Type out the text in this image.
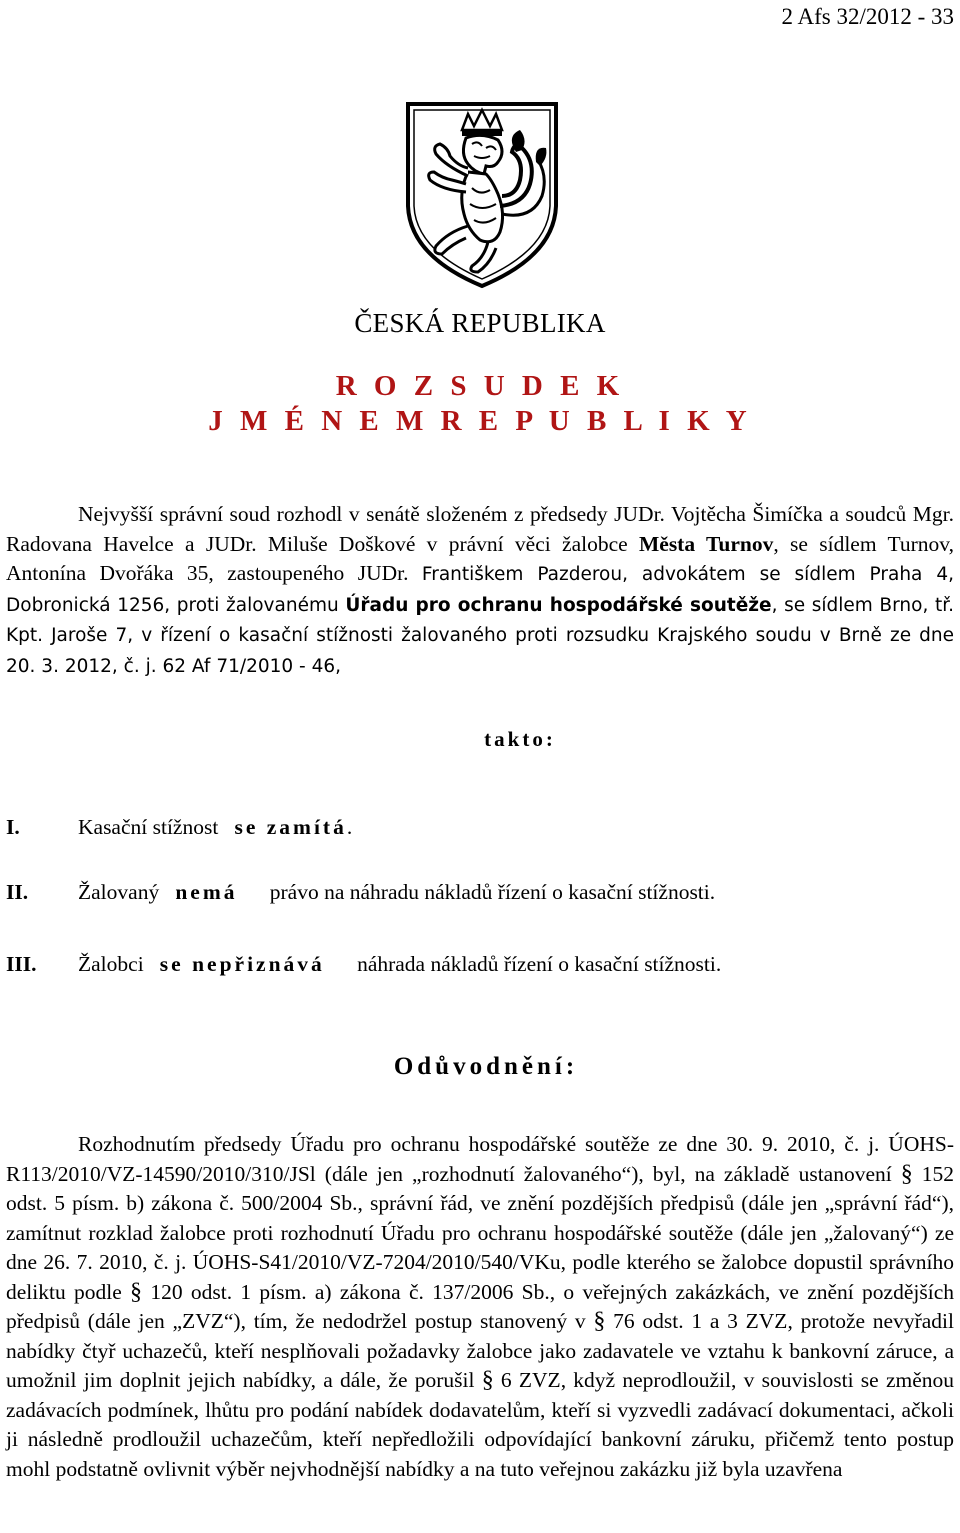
2 Afs 32/2012 - 33
ČESKÁ REPUBLIKA
R O Z S U D E K
J M É N E M R E P U B L I K Y

Nejvyšší správní soud rozhodl v senátě složeném z předsedy JUDr. Vojtěcha Šimíčka a soudců Mgr. Radovana Havelce a JUDr. Miluše Doškové v právní věci žalobce Města Turnov, se sídlem Turnov, Antonína Dvořáka 35, zastoupeného JUDr. Františkem Pazderou, advokátem se sídlem Praha 4, Dobronická 1256, proti žalovanému Úřadu pro ochranu hospodářské soutěže, se sídlem Brno, tř. Kpt. Jaroše 7, v řízení o kasační stížnosti žalovaného proti rozsudku Krajského soudu v Brně ze dne 20. 3. 2012, č. j. 62 Af 71/2010 - 46,

takto:
I.	Kasační stížnost se zamítá.
II. Žalovaný nemá právo na náhradu nákladů řízení o kasační stížnosti.
III. Žalobci se nepřiznává náhrada nákladů řízení o kasační stížnosti.
Odůvodnění:

Rozhodnutím předsedy Úřadu pro ochranu hospodářské soutěže ze dne 30. 9. 2010, č. j. ÚOHS-R113/2010/VZ-14590/2010/310/JSl (dále jen „rozhodnutí žalovaného“), byl, na základě ustanovení § 152 odst. 5 písm. b) zákona č. 500/2004 Sb., správní řád, ve znění pozdějších předpisů (dále jen „správní řád“), zamítnut rozklad žalobce proti rozhodnutí Úřadu pro ochranu hospodářské soutěže (dále jen „žalovaný“) ze dne 26. 7. 2010, č. j. ÚOHS-S41/2010/VZ-7204/2010/540/VKu, podle kterého se žalobce dopustil správního deliktu podle § 120 odst. 1 písm. a) zákona č. 137/2006 Sb., o veřejných zakázkách, ve znění pozdějších předpisů (dále jen „ZVZ“), tím, že nedodržel postup stanovený v § 76 odst. 1 a 3 ZVZ, protože nevyřadil nabídky čtyř uchazečů, kteří nesplňovali požadavky žalobce jako zadavatele ve vztahu k bankovní záruce, a umožnil jim doplnit jejich nabídky, a dále, že porušil § 6 ZVZ, když neprodloužil, v souvislosti se změnou zadávacích podmínek, lhůtu pro podání nabídek dodavatelům, kteří si vyzvedli zadávací dokumentaci, ačkoli ji následně prodloužil uchazečům, kteří nepředložili odpovídající bankovní záruku, přičemž tento postup mohl podstatně ovlivnit výběr nejvhodnější nabídky a na tuto veřejnou zakázku již byla uzavřena
